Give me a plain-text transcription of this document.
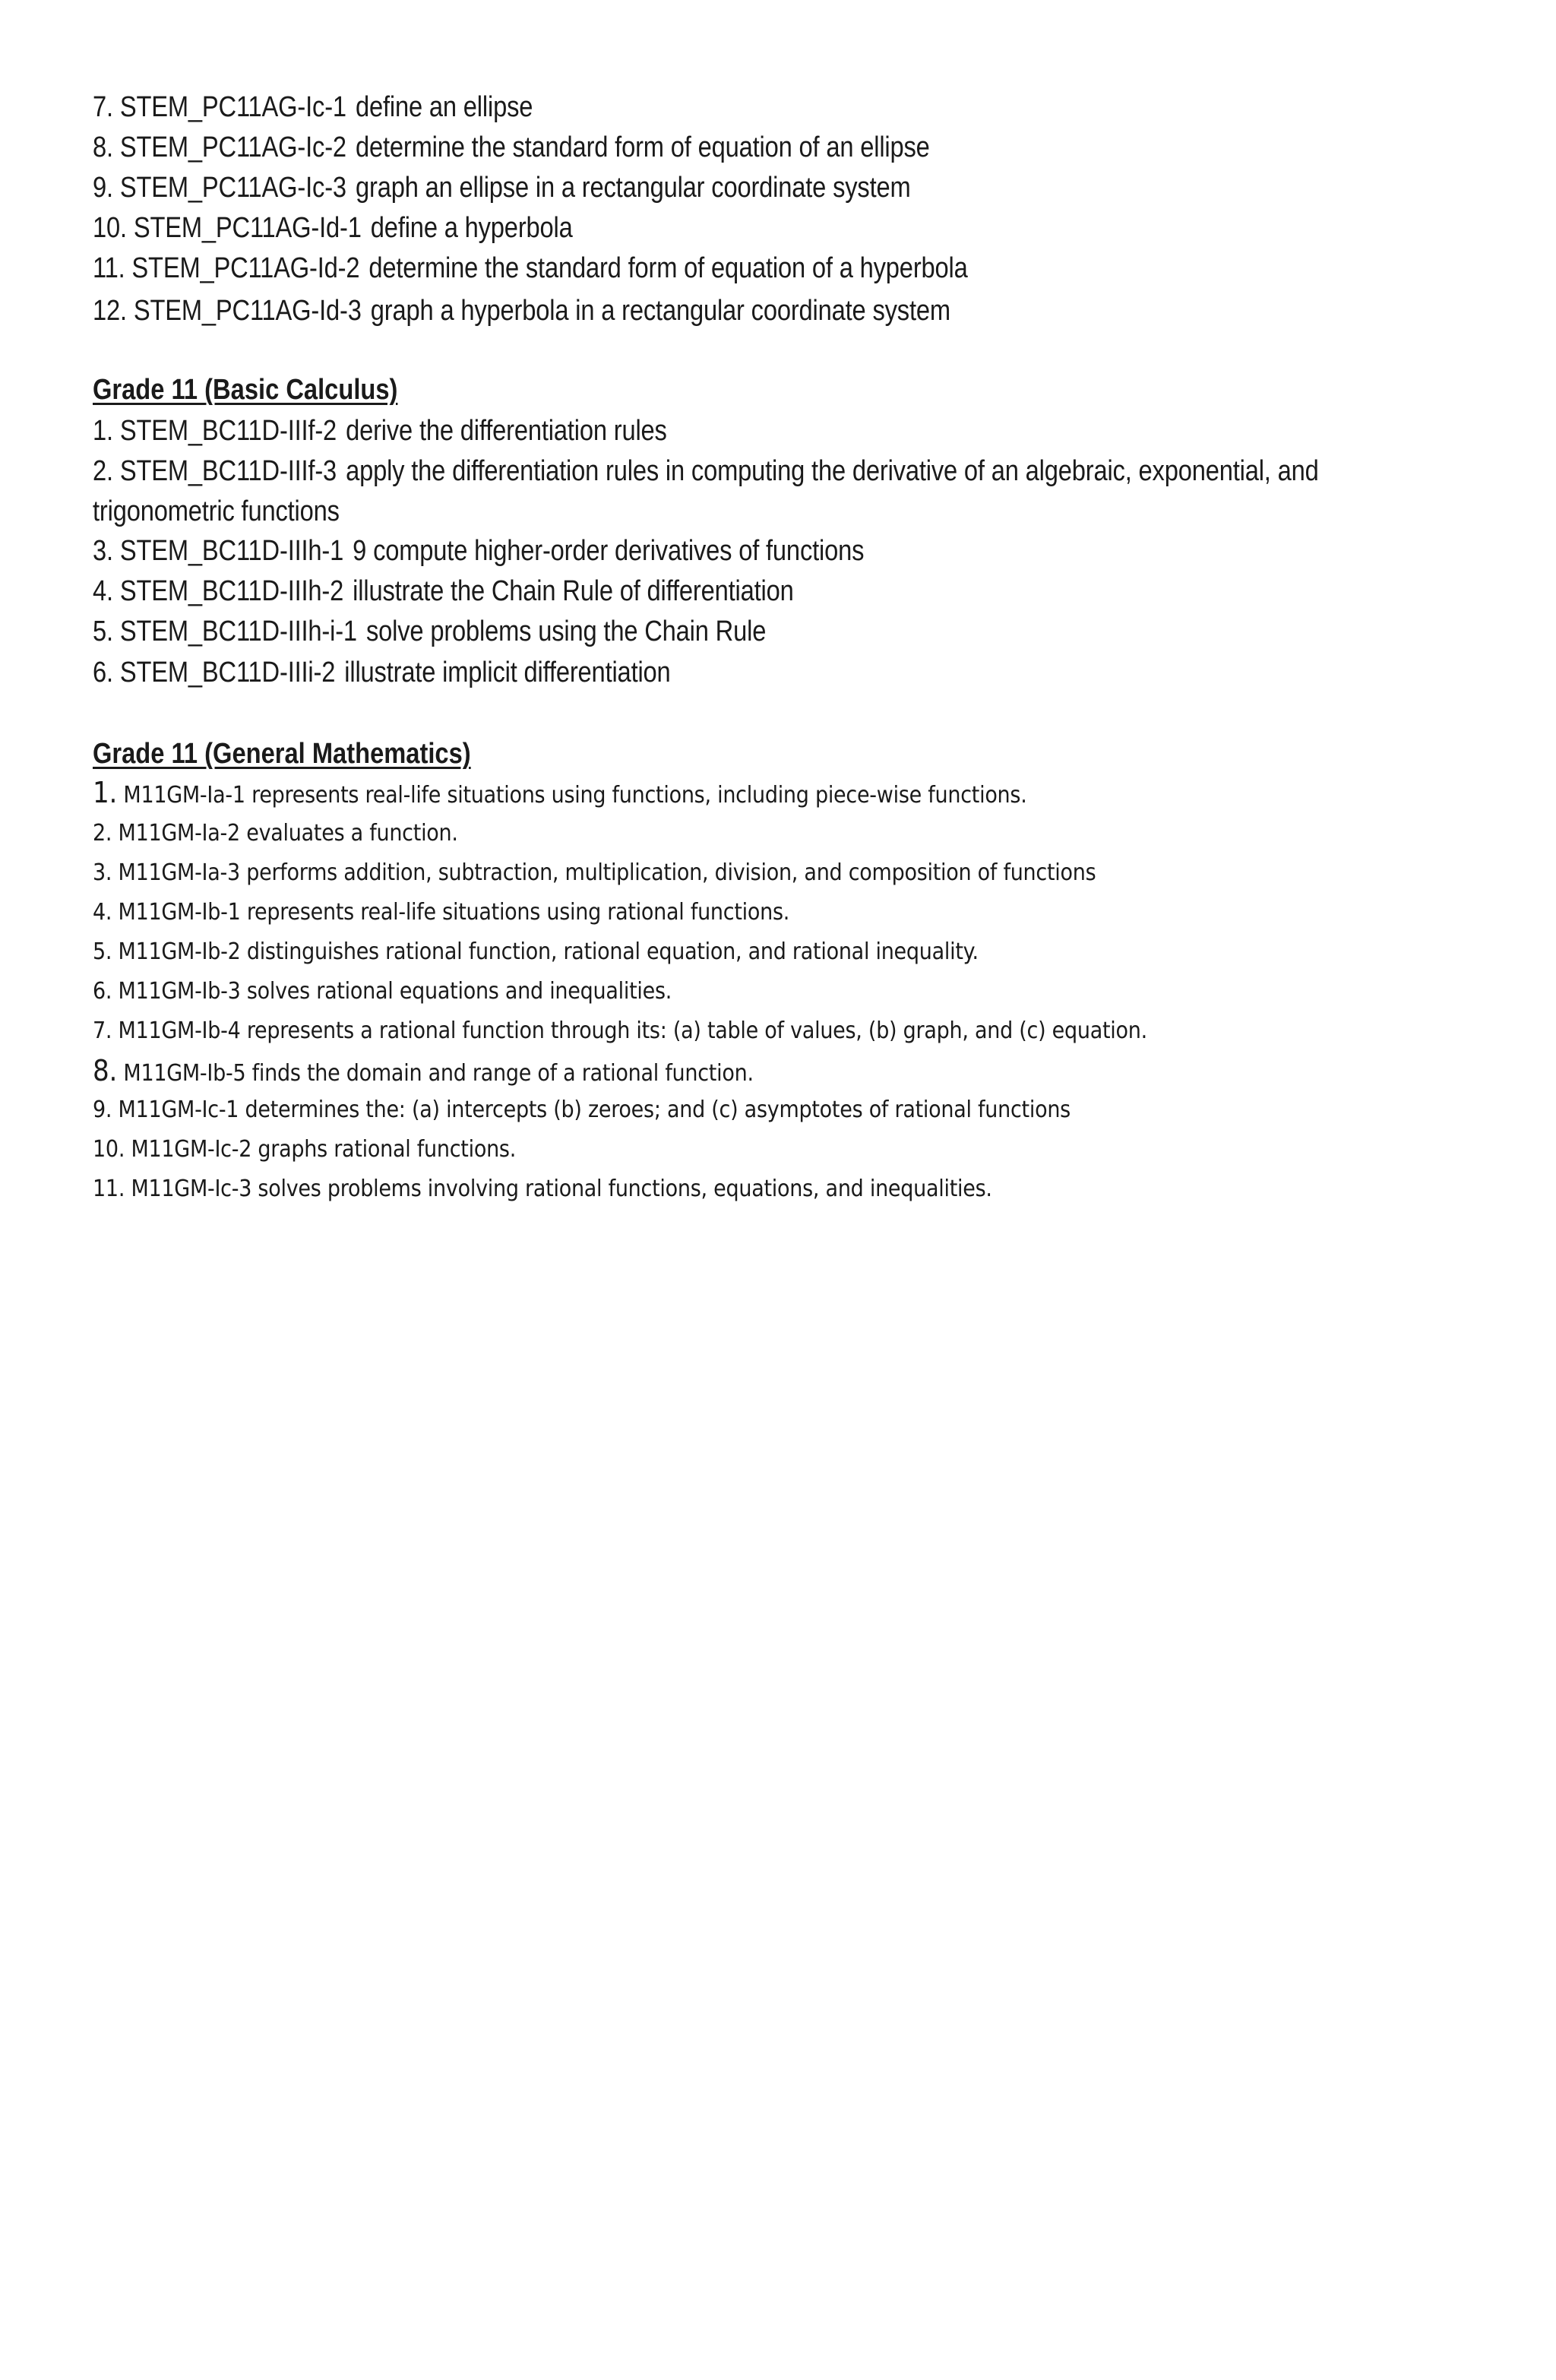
7. STEM_PC11AG-Ic-1 define an ellipse
8. STEM_PC11AG-Ic-2 determine the standard form of equation of an ellipse
9. STEM_PC11AG-Ic-3 graph an ellipse in a rectangular coordinate system
10. STEM_PC11AG-Id-1 define a hyperbola
11. STEM_PC11AG-Id-2 determine the standard form of equation of a hyperbola
12. STEM_PC11AG-Id-3 graph a hyperbola in a rectangular coordinate system
Grade 11 (Basic Calculus)
1. STEM_BC11D-IIIf-2 derive the differentiation rules
2. STEM_BC11D-IIIf-3 apply the differentiation rules in computing the derivative of an algebraic, exponential, and
trigonometric functions
3. STEM_BC11D-IIIh-1 9 compute higher-order derivatives of functions
4. STEM_BC11D-IIIh-2 illustrate the Chain Rule of differentiation
5. STEM_BC11D-IIIh-i-1 solve problems using the Chain Rule
6. STEM_BC11D-IIIi-2 illustrate implicit differentiation
Grade 11 (General Mathematics)
1. M11GM-Ia-1 represents real-life situations using functions, including piece-wise functions.
2. M11GM-Ia-2 evaluates a function.
3. M11GM-Ia-3 performs addition, subtraction, multiplication, division, and composition of functions
4. M11GM-Ib-1 represents real-life situations using rational functions.
5. M11GM-Ib-2 distinguishes rational function, rational equation, and rational inequality.
6. M11GM-Ib-3 solves rational equations and inequalities.
7. M11GM-Ib-4 represents a rational function through its: (a) table of values, (b) graph, and (c) equation.
8. M11GM-Ib-5 finds the domain and range of a rational function.
9. M11GM-Ic-1 determines the: (a) intercepts (b) zeroes; and (c) asymptotes of rational functions
10. M11GM-Ic-2 graphs rational functions.
11. M11GM-Ic-3 solves problems involving rational functions, equations, and inequalities.
